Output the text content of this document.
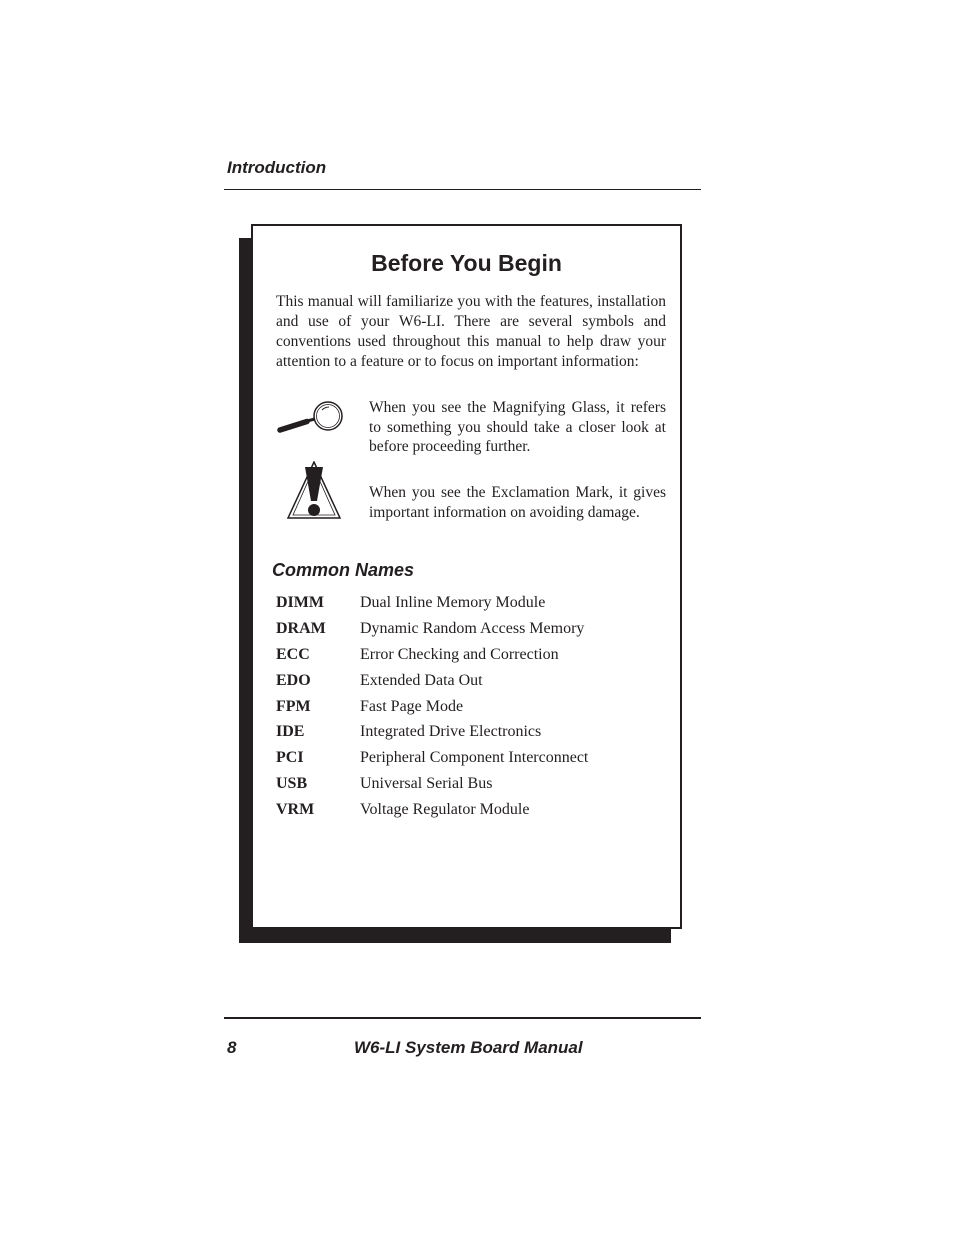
Introduction
Before You Begin

This manual will familiarize you with the features, installation and use of your W6-LI. There are several symbols and conventions used throughout this manual to help draw your attention to a feature or to focus on important information:

When you see the Magnifying Glass, it refers to something you should take a closer look at before proceeding further.

When you see the Exclamation Mark, it gives important information on avoiding damage.

Common Names
DIMM Dual Inline Memory Module
DRAM Dynamic Random Access Memory
ECC	Error Checking and Correction
EDO	Extended Data Out
FPM	Fast Page Mode
IDE	Integrated Drive Electronics
PCI	Peripheral Component Interconnect
USB	Universal Serial Bus
VRM	Voltage Regulator Module
8	W6-LI System Board Manual
